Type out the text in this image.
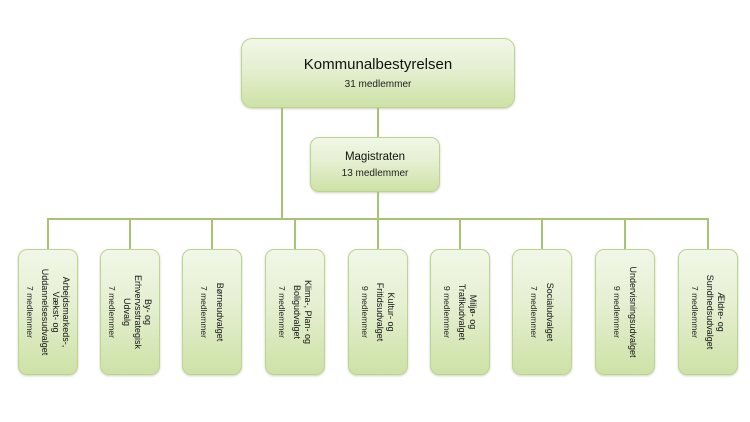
Kommunalbestyrelsen
31 medlemmer
Magistraten
13 medlemmer
Arbejdsmarkeds-,
Vækst- og
Uddannelsesudvalget
7 medlemmer	By- og
Erhvervsstrategisk
Udvalg
7 medlemmer	Børneudvalget
7 medlemmer	Klima-, Plan- og
Boligudvalget
7 medlemmer	Kultur- og
Fritidsudvalget
9 medlemmer	Miljø- og
Trafikudvalget
9 medlemmer	Socialudvalget
7 medlemmer	Undervisningsudvalget
9 medlemmer	Ældre- og
Sundhedsudvalget
7 medlemmer
